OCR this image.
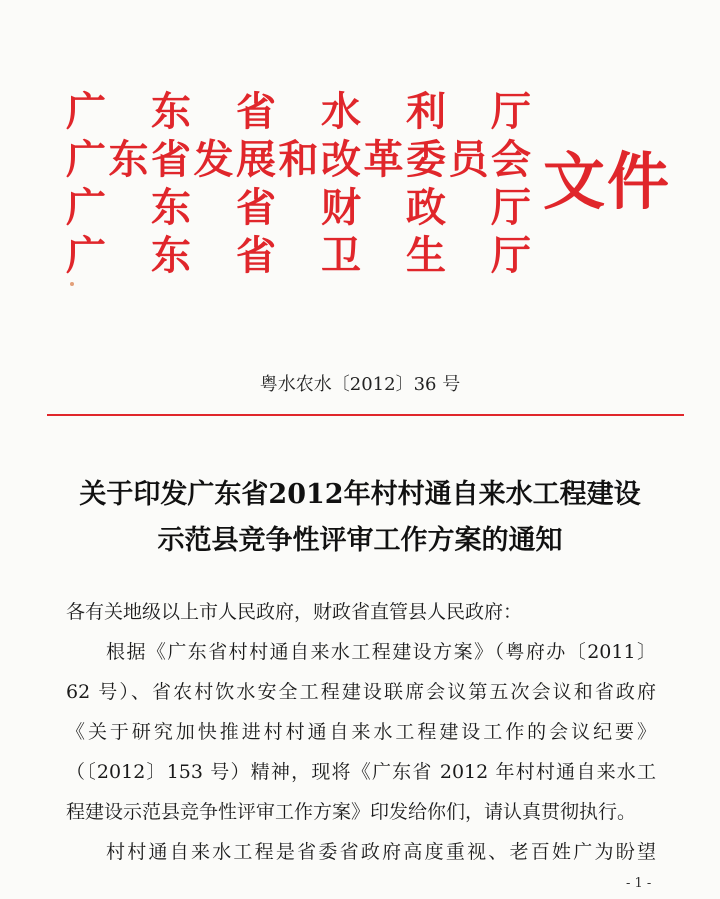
广东省水利厅
广东省发展和改革委员会
广东省财政厅
广东省卫生厅
文件
粤水农水〔2012〕36 号
关于印发广东省2012年村村通自来水工程建设
示范县竞争性评审工作方案的通知
各有关地级以上市人民政府，财政省直管县人民政府：
根据《广东省村村通自来水工程建设方案》（粤府办〔2011〕
62 号）、省农村饮水安全工程建设联席会议第五次会议和省政府
《关于研究加快推进村村通自来水工程建设工作的会议纪要》
（〔2012〕153 号）精神，现将《广东省 2012 年村村通自来水工
程建设示范县竞争性评审工作方案》印发给你们，请认真贯彻执行。
村村通自来水工程是省委省政府高度重视、老百姓广为盼望
- 1 -
